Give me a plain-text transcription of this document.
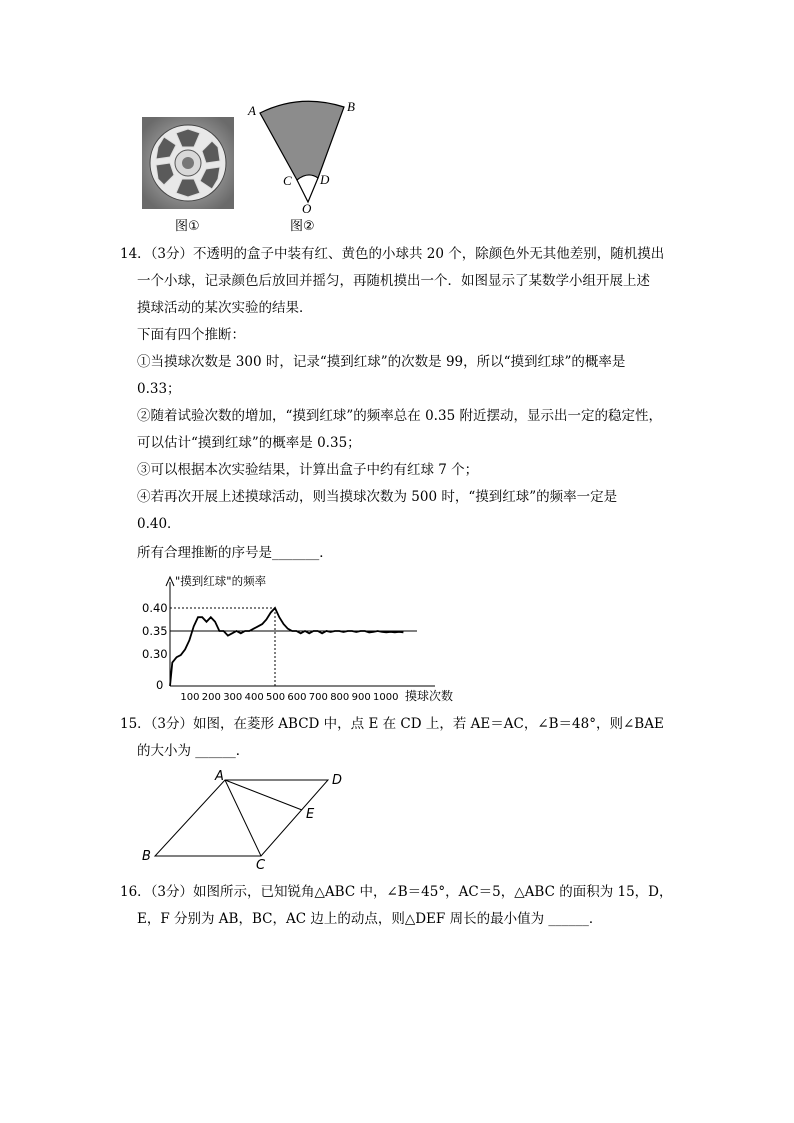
图①
A	B
C D
O
图②
14．（3分）不透明的盒子中装有红、黄色的小球共 20 个，除颜色外无其他差别，随机摸出
一个小球，记录颜色后放回并摇匀，再随机摸出一个．如图显示了某数学小组开展上述
摸球活动的某次实验的结果．
下面有四个推断：
①当摸球次数是 300 时，记录“摸到红球”的次数是 99，所以“摸到红球”的概率是
0.33；
②随着试验次数的增加，“摸到红球”的频率总在 0.35 附近摆动，显示出一定的稳定性，
可以估计“摸到红球”的概率是 0.35；
③可以根据本次实验结果，计算出盒子中约有红球 7 个；
④若再次开展上述摸球活动，则当摸球次数为 500 时，“摸到红球”的频率一定是
0.40．
所有合理推断的序号是_______．
"摸到红球"的频率
摸球次数
0.40
0.35
0.30
0
100 200 300 400 500 600 700 800 900 1000
15．（3分）如图，在菱形 ABCD 中，点 E 在 CD 上，若 AE＝AC，∠B＝48°，则∠BAE
的大小为 ______．
A	D
E
B
C
16．（3分）如图所示，已知锐角△ABC 中，∠B＝45°，AC＝5，△ABC 的面积为 15，D，
E，F 分别为 AB，BC，AC 边上的动点，则△DEF 周长的最小值为 ______．
